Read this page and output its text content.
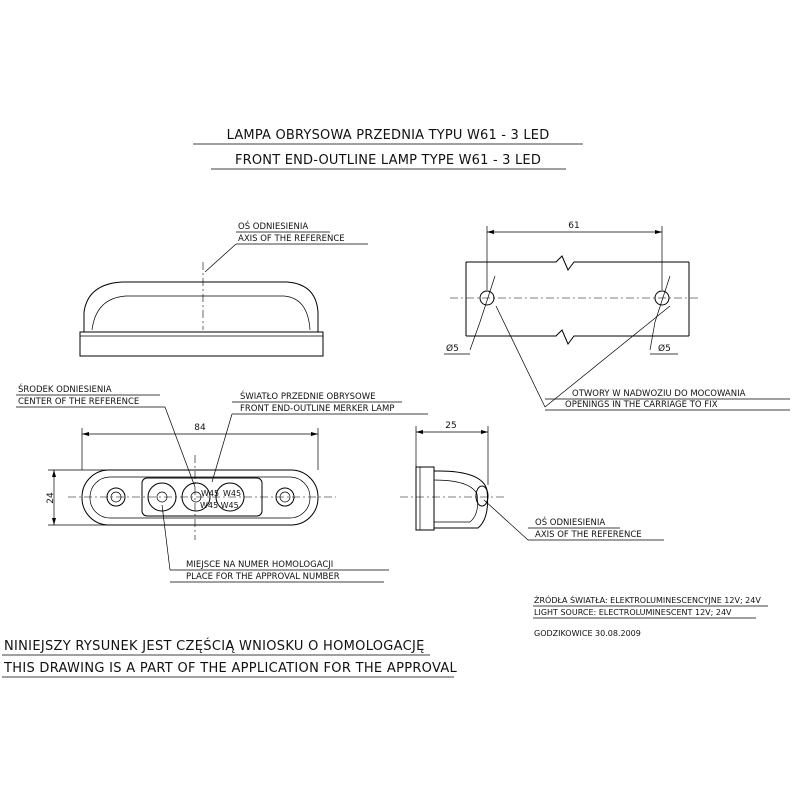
LAMPA OBRYSOWA PRZEDNIA TYPU W61 - 3 LED
FRONT END-OUTLINE LAMP TYPE W61 - 3 LED
OŚ ODNIESIENIA
AXIS OF THE REFERENCE
61
Ø5	Ø5
OTWORY W NADWOZIU DO MOCOWANIA
OPENINGS IN THE CARRIAGE TO FIX
ŚRODEK ODNIESIENIA
CENTER OF THE REFERENCE	ŚWIATŁO PRZEDNIE OBRYSOWE
FRONT END-OUTLINE MERKER LAMP
84
24	W45 W45
W45 W45
MIEJSCE NA NUMER HOMOLOGACJI
PLACE FOR THE APPROVAL NUMBER
25
OŚ ODNIESIENIA
AXIS OF THE REFERENCE
ŹRÓDŁA ŚWIATŁA: ELEKTROLUMINESCENCYJNE 12V; 24V
LIGHT SOURCE: ELECTROLUMINESCENT 12V; 24V
GODZIKOWICE 30.08.2009
NINIEJSZY RYSUNEK JEST CZĘŚCIĄ WNIOSKU O HOMOLOGACJĘ
THIS DRAWING IS A PART OF THE APPLICATION FOR THE APPROVAL
